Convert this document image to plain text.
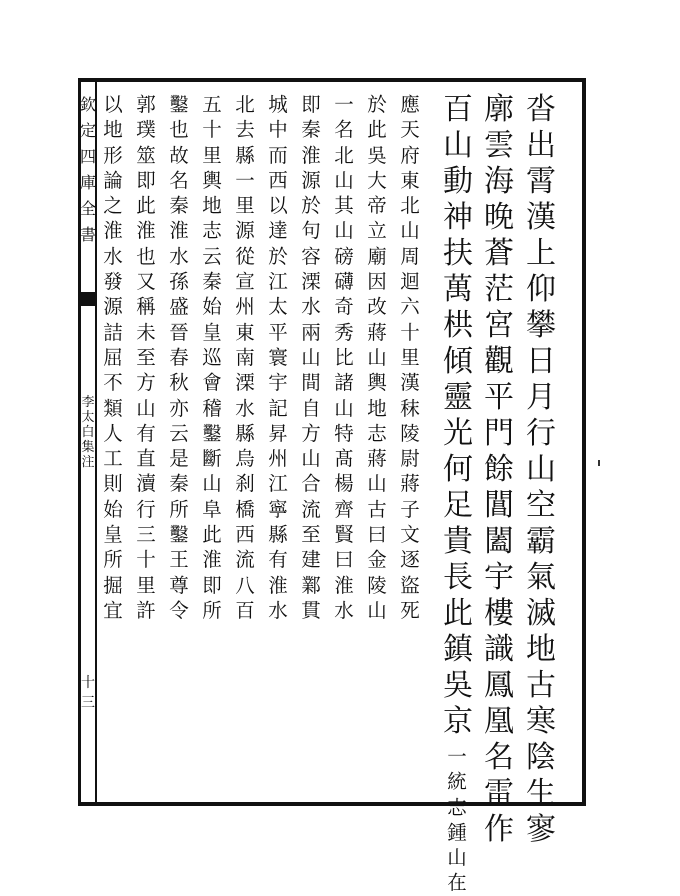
欽
定
四
庫
全
書
李
太
白
集
注
十三
沓
出
霄
漢
上
仰
攀
日
月
行
山
空
霸
氣
滅
地
古
寒
陰
生
寥
廓
雲
海
晚
蒼
茫
宮
觀
平
門
餘
閶
闔
宇
樓
識
鳳
凰
名
雷
作
百
山
動
神
扶
萬
栱
傾
靈
光
何
足
貴
長
此
鎮
吳
京
一
統
志
鍾
山
在
應
天
府
東
北
山
周
迴
六
十
里
漢
秣
陵
尉
蔣
子
文
逐
盜
死
於
此
吳
大
帝
立
廟
因
改
蔣
山
輿
地
志
蔣
山
古
曰
金
陵
山
一
名
北
山
其
山
磅
礴
奇
秀
比
諸
山
特
髙
楊
齊
賢
曰
淮
水
即
秦
淮
源
於
句
容
溧
水
兩
山
間
自
方
山
合
流
至
建
鄴
貫
城
中
而
西
以
達
於
江
太
平
寰
宇
記
昇
州
江
寧
縣
有
淮
水
北
去
縣
一
里
源
從
宣
州
東
南
溧
水
縣
烏
刹
橋
西
流
八
百
五
十
里
輿
地
志
云
秦
始
皇
巡
會
稽
鑿
斷
山
阜
此
淮
即
所
鑿
也
故
名
秦
淮
水
孫
盛
晉
春
秋
亦
云
是
秦
所
鑿
王
尊
令
郭
璞
筮
即
此
淮
也
又
稱
未
至
方
山
有
直
瀆
行
三
十
里
許
以
地
形
論
之
淮
水
發
源
詰
屈
不
類
人
工
則
始
皇
所
掘
宜
